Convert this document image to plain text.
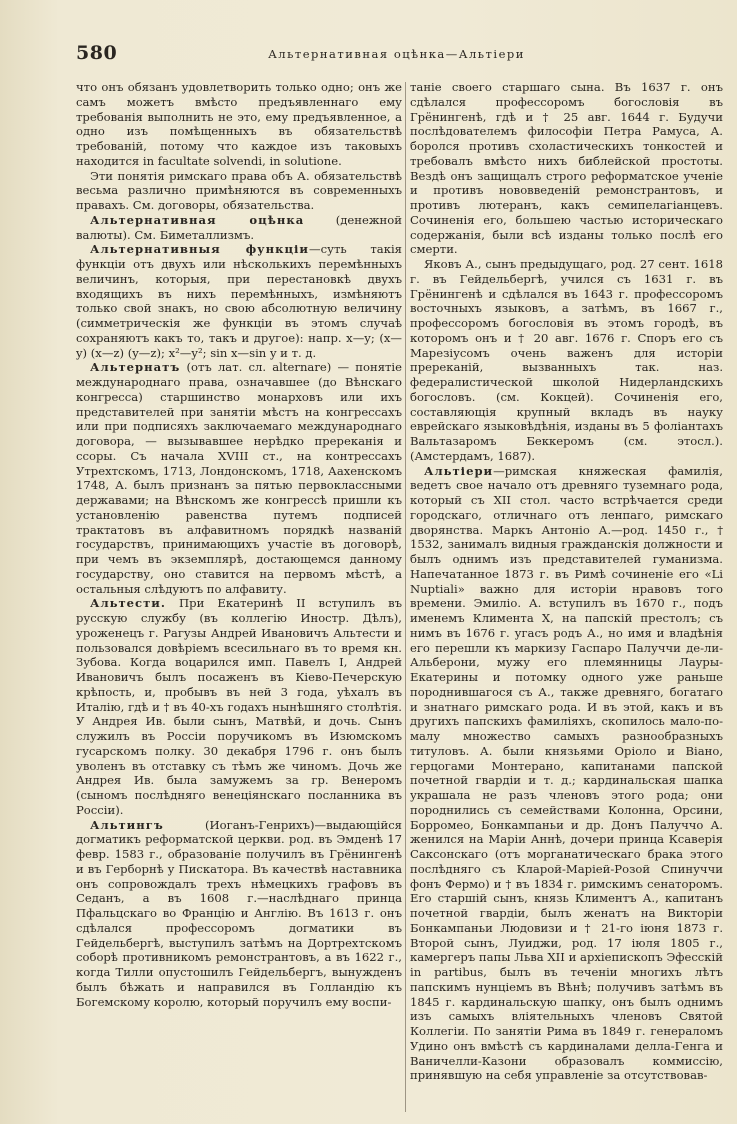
580	Альтернативная оцѣнка—Альтieри

что онъ обязанъ удовлетворить только одно; онъ же самъ можетъ вмѣсто предъявленнаго ему требованія выполнить не это, ему предъявленное, а одно изъ помѣщенныхъ въ обязательствѣ требованій, потому что каждое изъ таковыхъ находится in facultate solvendi, in solutione.

Эти понятія римскаго права объ А. обязательствѣ весьма различно примѣняются въ современныхъ правахъ. См. договоры, обязательства.

Альтернативная оцѣнка (денежной валюты). См. Биметаллизмъ.

Альтернативныя функціи—суть такія функціи отъ двухъ или нѣсколькихъ перемѣнныхъ величинъ, которыя, при перестановкѣ двухъ входящихъ въ нихъ перемѣнныхъ, измѣняютъ только свой знакъ, но свою абсолютную величину (симметрическія же функціи въ этомъ случаѣ сохраняютъ какъ то, такъ и другое): напр. x—y; (x—y) (x—z) (y—z); x²—y²; sin x—sin y и т. д.

Альтернатъ (отъ лат. сл. alternare) — понятіе международнаго права, означавшее (до Вѣнскаго конгресса) старшинство монарховъ или ихъ представителей при занятіи мѣстъ на конгрессахъ или при подписяхъ заключаемаго международнаго договора, — вызывавшее нерѣдко пререканія и ссоры. Съ начала XVIII ст., на контрессахъ Утрехтскомъ, 1713, Лондонскомъ, 1718, Аахенскомъ 1748, А. былъ признанъ за пятью первоклассными державами; на Вѣнскомъ же конгрессѣ пришли къ установленію равенства путемъ подписей трактатовъ въ алфавитномъ порядкѣ названій государствъ, принимающихъ участіе въ договорѣ, при чемъ въ экземплярѣ, достающемся данному государству, оно ставится на первомъ мѣстѣ, а остальныя слѣдуютъ по алфавиту.

Альтести. При Екатеринѣ II вступилъ въ русскую службу (въ коллегію Иностр. Дѣлъ), уроженецъ г. Рагузы Андрей Ивановичъ Альтести и пользовался довѣріемъ всесильнаго въ то время кн. Зубова. Когда воцарился имп. Павелъ I, Андрей Ивановичъ былъ посаженъ въ Кіево-Печерскую крѣпость, и, пробывъ въ ней 3 года, уѣхалъ въ Италію, гдѣ и † въ 40-хъ годахъ нынѣшняго столѣтія. У Андрея Ив. были сынъ, Матвѣй, и дочь. Сынъ служилъ въ Россіи поручикомъ въ Изюмскомъ гусарскомъ полку. 30 декабря 1796 г. онъ былъ уволенъ въ отставку съ тѣмъ же чиномъ. Дочь же Андрея Ив. была замужемъ за гр. Венеромъ (сыномъ послѣдняго венеціянскаго посланника въ Россіи).

Альтингъ (Иоганъ-Генрихъ)—выдающійся догматикъ реформатской церкви. род. въ Эмденѣ 17 февр. 1583 г., образованіе получилъ въ Грёнингенѣ и въ Герборнѣ у Пискатора. Въ качествѣ наставника онъ сопровождалъ трехъ нѣмецкихъ графовъ въ Седанъ, а въ 1608 г.—наслѣднаго принца Пфальцскаго во Францію и Англію. Въ 1613 г. онъ сдѣлался профессоромъ догматики въ Гейдельбергѣ, выступилъ затѣмъ на Дортрехтскомъ соборѣ противникомъ ремонстрантовъ, а въ 1622 г., когда Тилли опустошилъ Гейдельбергъ, вынужденъ былъ бѣжать и направился въ Голландію къ Богемскому королю, который поручилъ ему воспи-

таніе своего старшаго сына. Въ 1637 г. онъ сдѣлался профессоромъ богословія въ Грёнингенѣ, гдѣ и † 25 авг. 1644 г. Будучи послѣдователемъ философіи Петра Рамуса, А. боролся противъ схоластическихъ тонкостей и требовалъ вмѣсто нихъ библейской простоты. Вездѣ онъ защищалъ строго реформатское ученіе и противъ нововведеній ремонстрантовъ, и противъ лютеранъ, какъ семипелагіанцевъ. Сочиненія его, большею частью историческаго содержанія, были всѣ изданы только послѣ его смерти.

Яковъ А., сынъ предыдущаго, род. 27 сент. 1618 г. въ Гейдельбергѣ, учился съ 1631 г. въ Грёнингенѣ и сдѣлался въ 1643 г. профессоромъ восточныхъ языковъ, а затѣмъ, въ 1667 г., профессоромъ богословія въ этомъ городѣ, въ которомъ онъ и † 20 авг. 1676 г. Споръ его съ Марезіусомъ очень важенъ для исторіи пререканій, вызванныхъ так. наз. федералистической школой Нидерландскихъ богословъ. (см. Кокцей). Сочиненія его, составляющія крупный вкладъ въ науку еврейскаго языковѣдѣнія, изданы въ 5 фоліантахъ Вальтазаромъ Беккеромъ (см. этосл.). (Амстердамъ, 1687).

Альтіери—римская княжеская фамилія, ведетъ свое начало отъ древняго туземнаго рода, который съ XII стол. часто встрѣчается среди городскаго, отличнаго отъ ленпаго, римскаго дворянства. Маркъ Антоніо А.—род. 1450 г., † 1532, занималъ видныя гражданскія должности и былъ однимъ изъ представителей гуманизма. Напечатанное 1873 г. въ Римѣ сочиненіе его «Li Nuptiali» важно для исторіи нравовъ того времени. Эмиліо. А. вступилъ въ 1670 г., подъ именемъ Климента X, на папскій престолъ; съ нимъ въ 1676 г. угасъ родъ А., но имя и владѣнія его перешли къ маркизу Гаспаро Палуччи де-ли-Альберони, мужу его племянницы Лауры-Екатерины и потомку одного уже раньше породнившагося съ А., также древняго, богатаго и знатнаго римскаго рода. И въ этой, какъ и въ другихъ папскихъ фамиліяхъ, скопилось мало-по-малу множество самыхъ разнообразныхъ титуловъ. А. были князьями Оріоло и Віано, герцогами Монтерано, капитанами папской почетной гвардіи и т. д.; кардинальская шапка украшала не разъ членовъ этого рода; они породнились съ семействами Колонна, Орсини, Борромео, Бонкампаньи и др. Донъ Палуччо А. женился на Маріи Аннѣ, дочери принца Ксаверія Саксонскаго (отъ морганатическаго брака этого послѣдняго съ Кларой-Маріей-Розой Спинуччи фонъ Фермо) и † въ 1834 г. римскимъ сенаторомъ. Его старшій сынъ, князь Климентъ А., капитанъ почетной гвардіи, былъ женатъ на Викторіи Бонкампаньи Людовизи и † 21-го іюня 1873 г. Второй сынъ, Луиджи, род. 17 іюля 1805 г., камергеръ папы Льва XII и архіепископъ Эфесскій in partibus, былъ въ теченіи многихъ лѣтъ папскимъ нунціемъ въ Вѣнѣ; получивъ затѣмъ въ 1845 г. кардинальскую шапку, онъ былъ однимъ изъ самыхъ вліятельныхъ членовъ Святой Коллегіи. По занятіи Рима въ 1849 г. генераломъ Удино онъ вмѣстѣ съ кардиналами делла-Генга и Ваничелли-Казони образовалъ коммиссію, принявшую на себя управленіе за отсутствовав-
